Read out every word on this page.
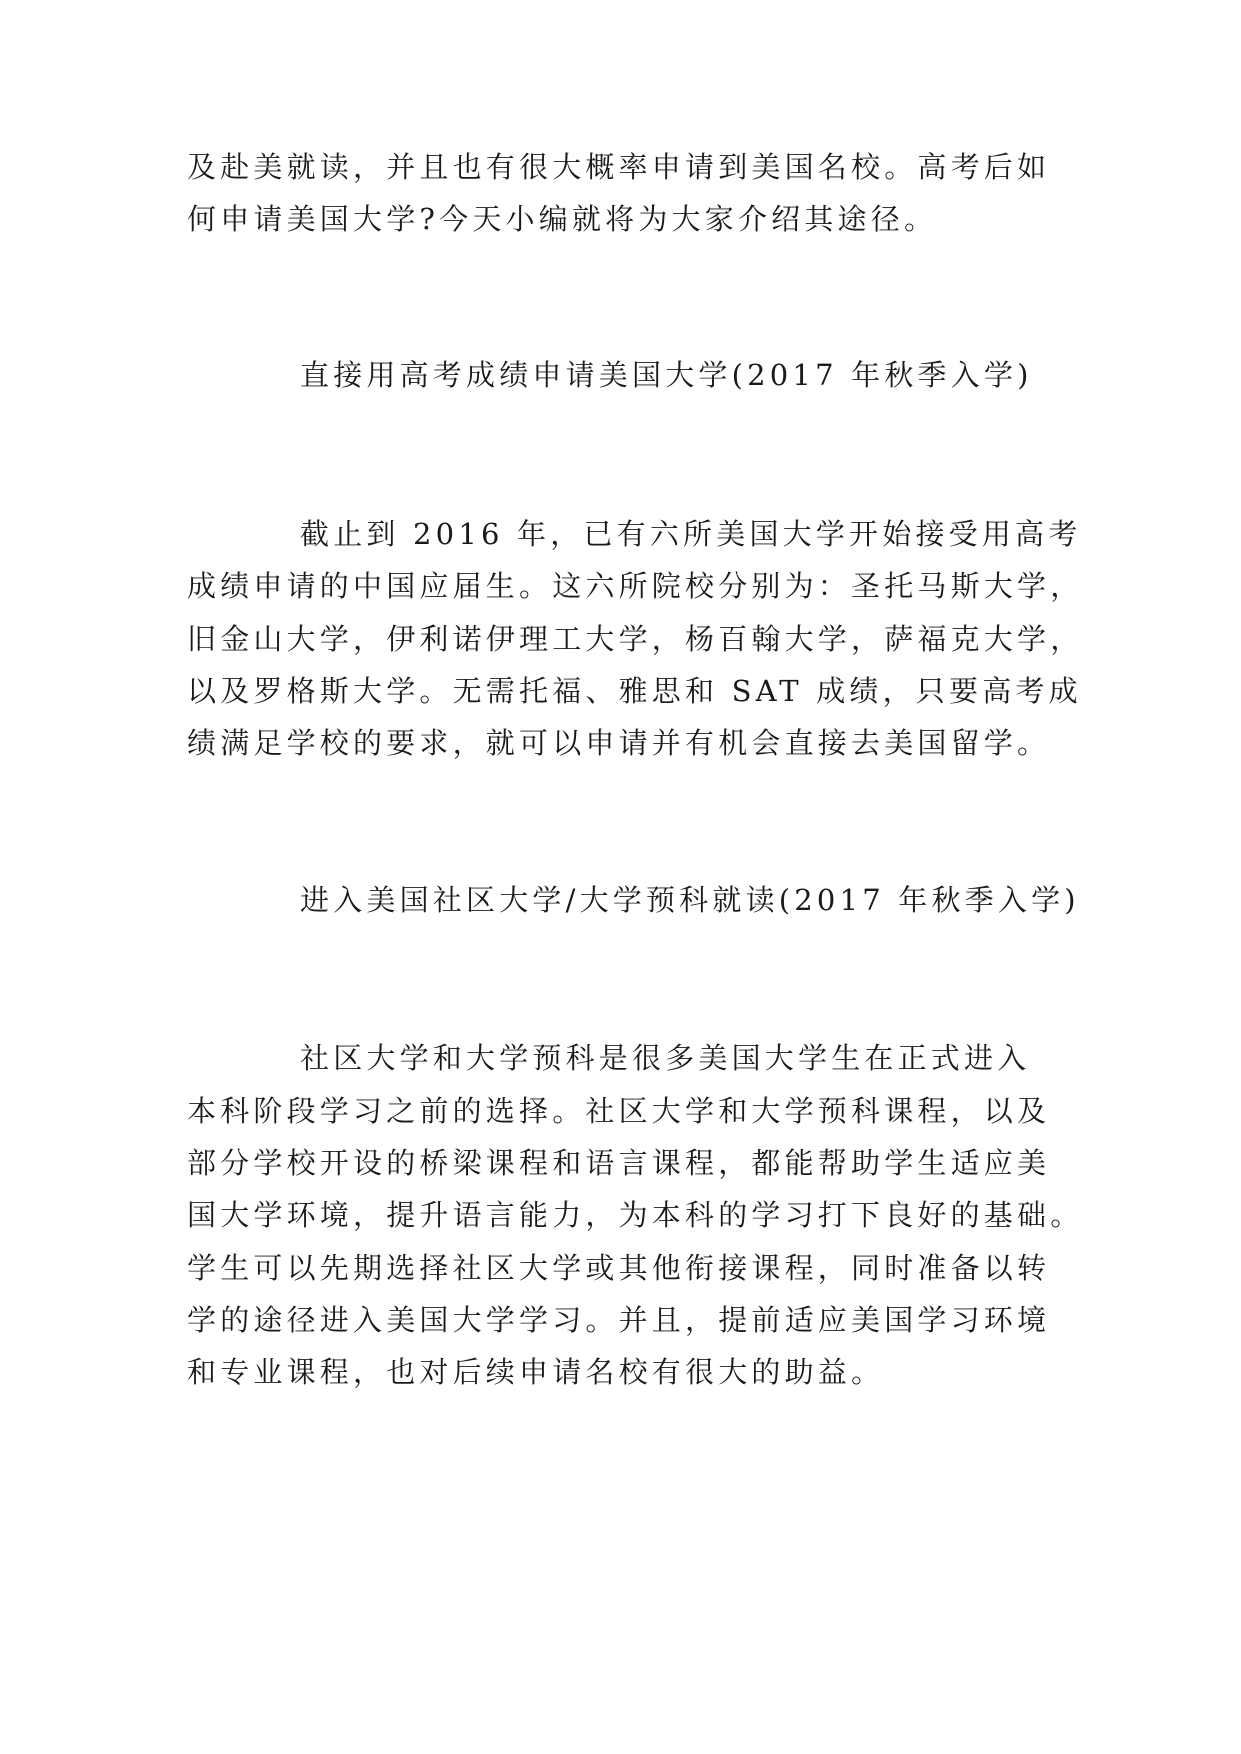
及赴美就读，并且也有很大概率申请到美国名校。高考后如
何申请美国大学?今天小编就将为大家介绍其途径。
直接用高考成绩申请美国大学(2017 年秋季入学)
截止到 2016 年，已有六所美国大学开始接受用高考
成绩申请的中国应届生。这六所院校分别为：圣托马斯大学，
旧金山大学，伊利诺伊理工大学，杨百翰大学，萨福克大学，
以及罗格斯大学。无需托福、雅思和 SAT 成绩，只要高考成
绩满足学校的要求，就可以申请并有机会直接去美国留学。
进入美国社区大学/大学预科就读(2017 年秋季入学)
社区大学和大学预科是很多美国大学生在正式进入
本科阶段学习之前的选择。社区大学和大学预科课程，以及
部分学校开设的桥梁课程和语言课程，都能帮助学生适应美
国大学环境，提升语言能力，为本科的学习打下良好的基础。
学生可以先期选择社区大学或其他衔接课程，同时准备以转
学的途径进入美国大学学习。并且，提前适应美国学习环境
和专业课程，也对后续申请名校有很大的助益。
